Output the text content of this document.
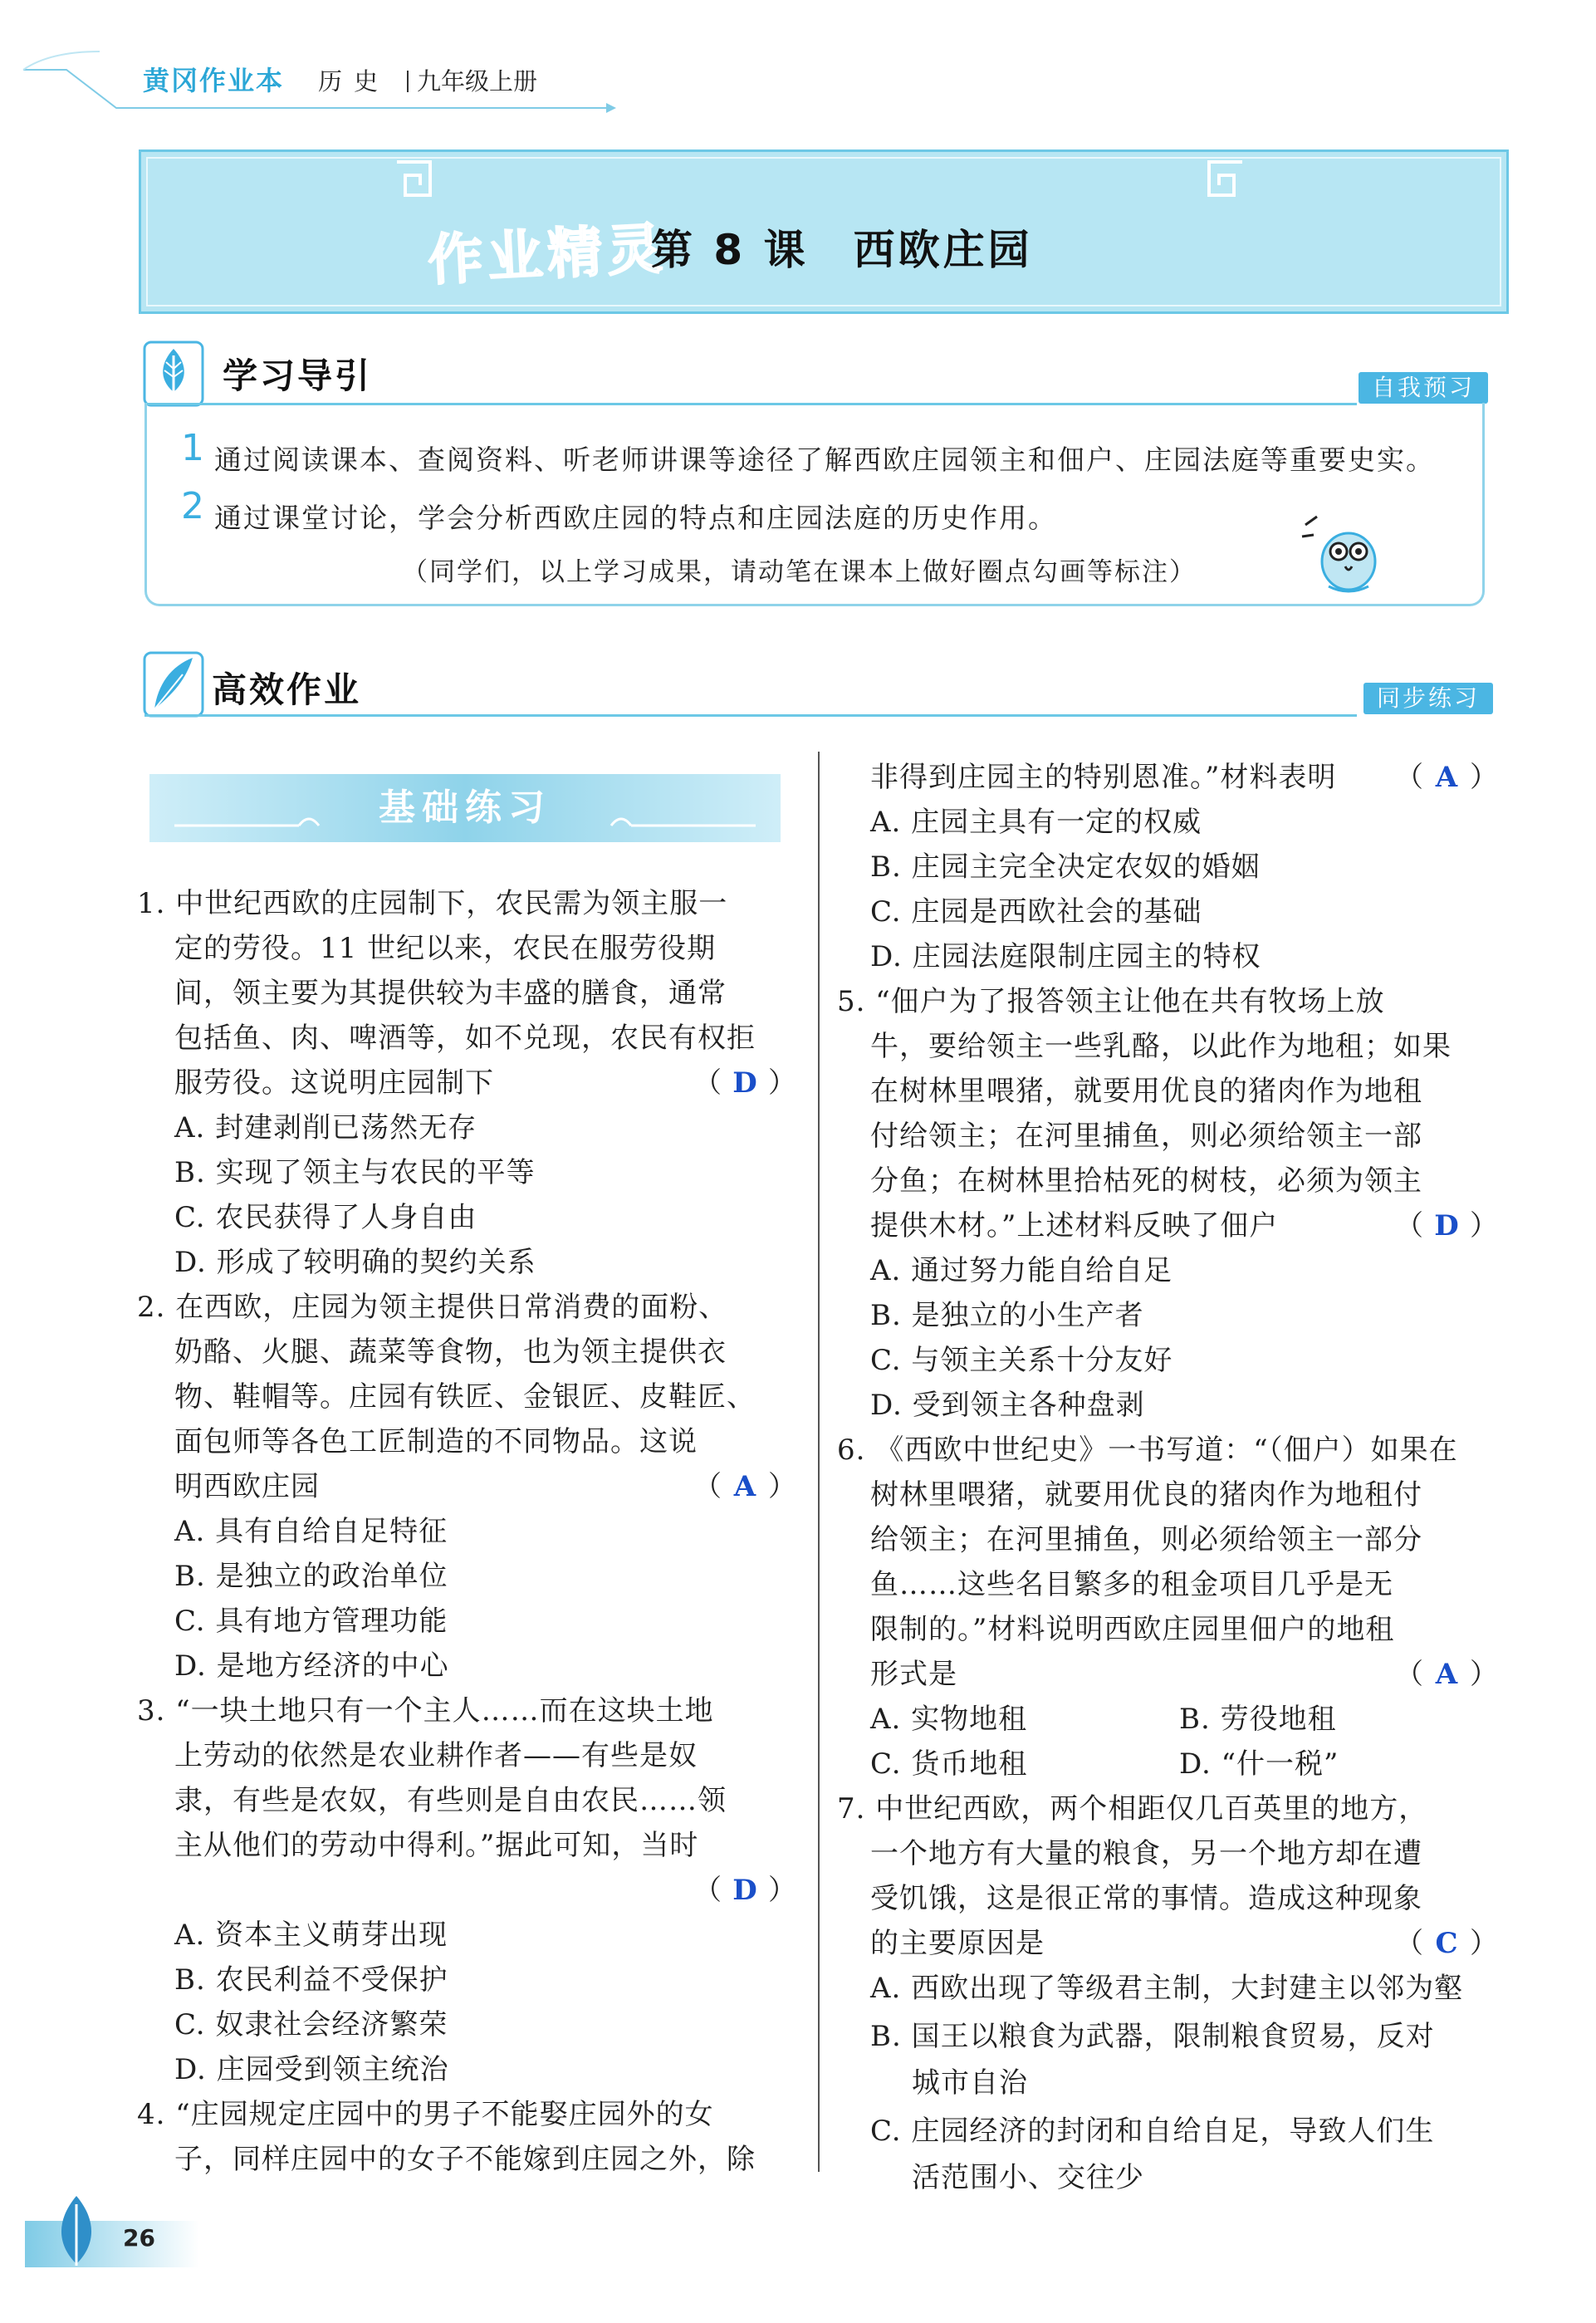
黄冈作业本 历史	九年级上册
作业精灵
第 8 课　西欧庄园
学习导引	自我预习
1 通过阅读课本、查阅资料、听老师讲课等途径了解西欧庄园领主和佃户、庄园法庭等重要史实。
2 通过课堂讨论，学会分析西欧庄园的特点和庄园法庭的历史作用。
（同学们，以上学习成果，请动笔在课本上做好圈点勾画等标注）
高效作业	同步练习
基础练习
1. 中世纪西欧的庄园制下，农民需为领主服一
定的劳役。11 世纪以来，农民在服劳役期
间，领主要为其提供较为丰盛的膳食，通常
包括鱼、肉、啤酒等，如不兑现，农民有权拒
服劳役。这说明庄园制下	（ D ）
A. 封建剥削已荡然无存
B. 实现了领主与农民的平等
C. 农民获得了人身自由
D. 形成了较明确的契约关系
2. 在西欧，庄园为领主提供日常消费的面粉、
奶酪、火腿、蔬菜等食物，也为领主提供衣
物、鞋帽等。庄园有铁匠、金银匠、皮鞋匠、
面包师等各色工匠制造的不同物品。这说
明西欧庄园	（ A ）
A. 具有自给自足特征
B. 是独立的政治单位
C. 具有地方管理功能
D. 是地方经济的中心
3. “一块土地只有一个主人……而在这块土地
上劳动的依然是农业耕作者——有些是奴
隶，有些是农奴，有些则是自由农民……领
主从他们的劳动中得利。”据此可知，当时
（ D ）
A. 资本主义萌芽出现
B. 农民利益不受保护
C. 奴隶社会经济繁荣
D. 庄园受到领主统治
4. “庄园规定庄园中的男子不能娶庄园外的女
子，同样庄园中的女子不能嫁到庄园之外，除
非得到庄园主的特别恩准。”材料表明 （ A ）
A. 庄园主具有一定的权威
B. 庄园主完全决定农奴的婚姻
C. 庄园是西欧社会的基础
D. 庄园法庭限制庄园主的特权
5. “佃户为了报答领主让他在共有牧场上放
牛，要给领主一些乳酪，以此作为地租；如果
在树林里喂猪，就要用优良的猪肉作为地租
付给领主；在河里捕鱼，则必须给领主一部
分鱼；在树林里拾枯死的树枝，必须为领主
提供木材。”上述材料反映了佃户	（ D ）
A. 通过努力能自给自足
B. 是独立的小生产者
C. 与领主关系十分友好
D. 受到领主各种盘剥
6. 《西欧中世纪史》一书写道：“（佃户）如果在
树林里喂猪，就要用优良的猪肉作为地租付
给领主；在河里捕鱼，则必须给领主一部分
鱼……这些名目繁多的租金项目几乎是无
限制的。”材料说明西欧庄园里佃户的地租
形式是	（ A ）
A. 实物地租	B. 劳役地租
C. 货币地租	D. “什一税”
7. 中世纪西欧，两个相距仅几百英里的地方，
一个地方有大量的粮食，另一个地方却在遭
受饥饿，这是很正常的事情。造成这种现象
的主要原因是	（ C ）
A. 西欧出现了等级君主制，大封建主以邻为壑
B. 国王以粮食为武器，限制粮食贸易，反对
城市自治
C. 庄园经济的封闭和自给自足，导致人们生
活范围小、交往少
26
